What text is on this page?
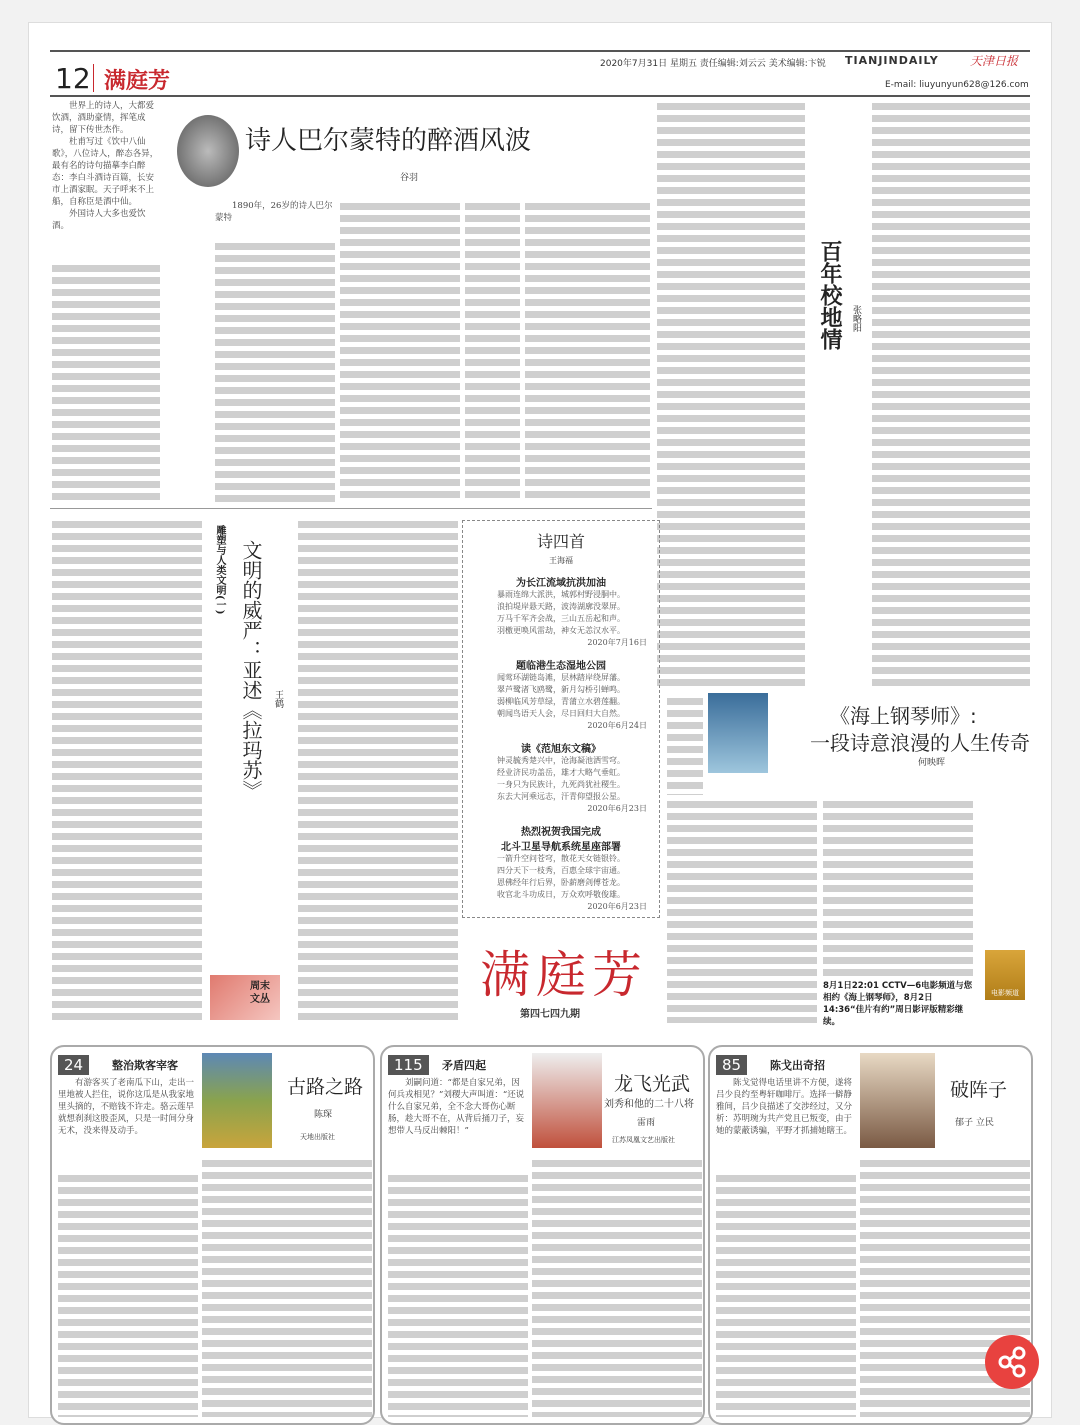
12 满庭芳
2020年7月31日 星期五 责任编辑:刘云云 美术编辑:卞锐 TIANJINDAILY	天津日报
E-mail: liuyunyun628@126.com

世界上的诗人，大都爱饮酒，酒助豪情，挥笔成诗，留下传世杰作。

杜甫写过《饮中八仙歌》，八位诗人，醉态各异，最有名的诗句描摹李白醉态：李白斗酒诗百篇，长安市上酒家眠。天子呼来不上船，自称臣是酒中仙。

外国诗人大多也爱饮酒。

诗人巴尔蒙特的醉酒风波
谷羽
1890年，26岁的诗人巴尔蒙特
百年校地情 张略阳
雕塑与人类文明(一) 文明的威严：亚述《拉玛苏》	王鹤
周末文丛
诗四首
王海福
为长江流域抗洪加油

暴雨连绵大派洪，城郭村野浸胴中。

浪拍堤岸悬天路，波涛湖廓没翠屏。

万马千军齐会战，三山五岳起和声。

羽檄更唤风雷劫，神女无恙汉水平。

2020年7月16日

题临港生态湿地公园

闻莺环湖链岛滩，层林踏岸绕屏藩。

翠芦鹭渚飞鸥鹭，新月勾桥引蝉鸣。

弱柳临风芳草绿，青蒲立水碧莲翻。

朝闻鸟语天人会，尽日回归大自然。

2020年6月24日

读《范旭东文稿》

钟灵毓秀楚兴中，沧海凝池洒雪穹。

经业济民功盖岳，雄才大略气垂虹。

一身只为民族计，九死尚犹社稷生。

东去大河乘远志，汗青仰望报公星。

2020年6月23日

热烈祝贺我国完成
北斗卫星导航系统星座部署

一箭升空问苍穹，散花天女链银铃。

四分天下一枝秀，百惠全球宇宙通。

恩佛经年行后界，卧薪磨剑傅苍龙。

收官北斗功成日，万众欢呼敬俊雄。

2020年6月23日

《海上钢琴师》:
一段诗意浪漫的人生传奇
何映晖
8月1日22:01 CCTV—6电影频道与您相约《海上钢琴师》，8月2日14:36“佳片有约”周日影评版精彩继续。
电影频道
满庭芳
第四七四九期
24	整治欺客宰客

有游客买了老南瓜下山，走出一里地被人拦住，说你这瓜是从我家地里头摘的，不赔钱不许走。骆云莲早就想刹刹这股歪风，只是一时间分身无术，没来得及动手。

古路之路
陈琛
天地出版社
115	矛盾四起

刘嗣问道：“都是自家兄弟，因何兵戎相见？”刘稷大声叫道：“还说什么自家兄弟，全不念大哥伤心断肠，趁大哥不在，从背后捅刀子，妄想带人马反出棘阳！”

龙飞光武
刘秀和他的二十八将
雷雨
江苏凤凰文艺出版社
85	陈戈出奇招

陈戈觉得电话里讲不方便，遂将吕少良约至粤轩咖啡厅。选择一僻静雅间，吕少良描述了交涉经过，又分析：苏明琬为共产党且已叛变，由于她的蒙蔽诱骗，平野才抓捕她瞎王。

破阵子
郁子 立民
